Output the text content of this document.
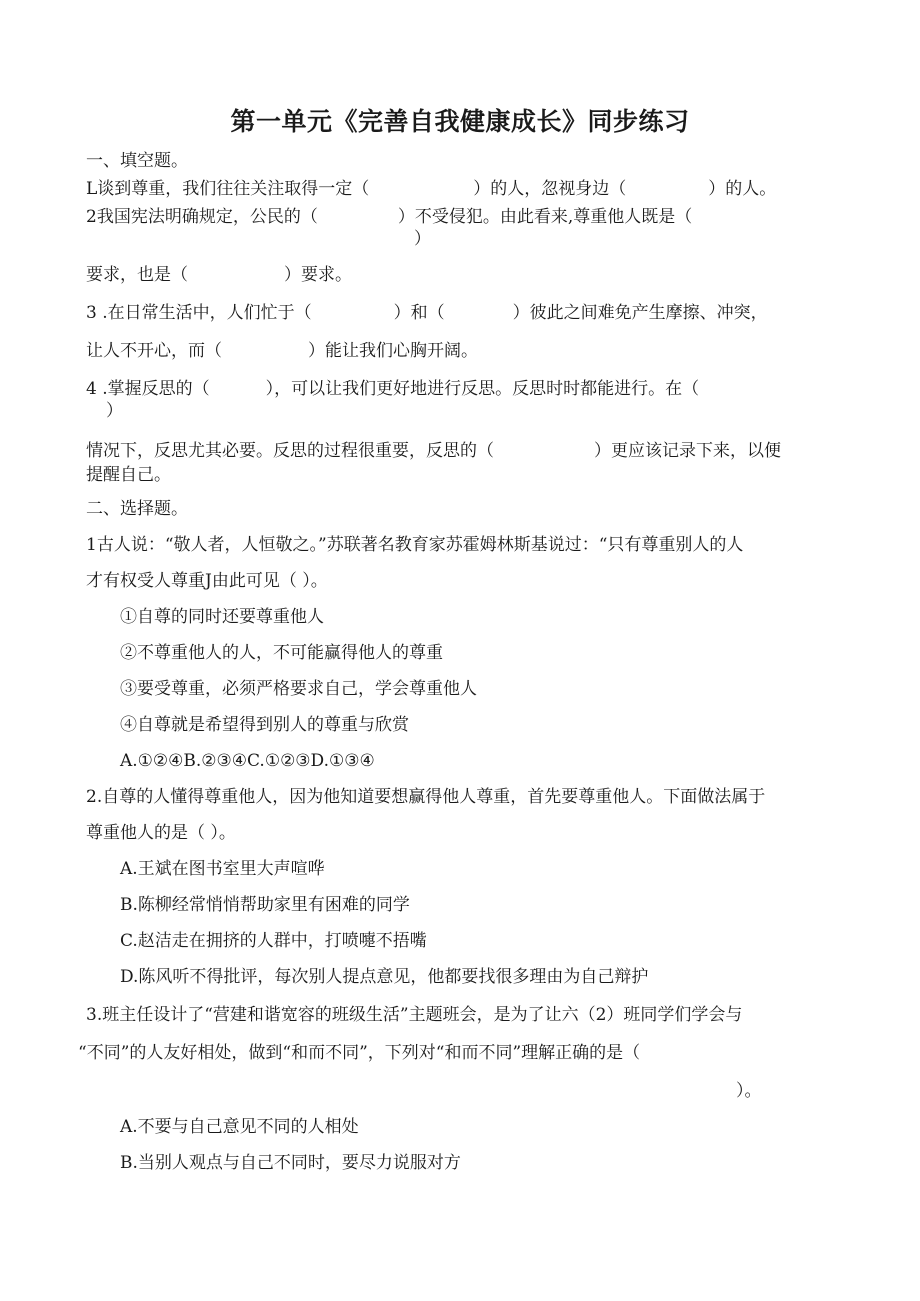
第一单元《完善自我健康成长》同步练习
一、填空题。
L谈到尊重，我们往往关注取得一定（	）的人，忽视身边（	）的人。
2我国宪法明确规定，公民的（	）不受侵犯。由此看来,尊重他人既是（
）
要求，也是（	）要求。
3 .在日常生活中，人们忙于（	）和（	）彼此之间难免产生摩擦、冲突，
让人不开心，而（	）能让我们心胸开阔。
4 .掌握反思的（	），可以让我们更好地进行反思。反思时时都能进行。在（
）
情况下，反思尤其必要。反思的过程很重要，反思的（	）更应该记录下来，以便
提醒自己。
二、选择题。
1古人说：“敬人者，人恒敬之。”苏联著名教育家苏霍姆林斯基说过：“只有尊重别人的人
才有权受人尊重J由此可见（ ）。
①自尊的同时还要尊重他人
②不尊重他人的人，不可能赢得他人的尊重
③要受尊重，必须严格要求自己，学会尊重他人
④自尊就是希望得到别人的尊重与欣赏
A.①②④B.②③④C.①②③D.①③④
2.自尊的人懂得尊重他人，因为他知道要想赢得他人尊重，首先要尊重他人。下面做法属于
尊重他人的是（ ）。
A.王斌在图书室里大声喧哗
B.陈柳经常悄悄帮助家里有困难的同学
C.赵洁走在拥挤的人群中，打喷嚏不捂嘴
D.陈风听不得批评，每次别人提点意见，他都要找很多理由为自己辩护
3.班主任设计了“营建和谐宽容的班级生活”主题班会，是为了让六（2）班同学们学会与
“不同”的人友好相处，做到“和而不同”，下列对“和而不同”理解正确的是（
）。
A.不要与自己意见不同的人相处
B.当别人观点与自己不同时，要尽力说服对方
